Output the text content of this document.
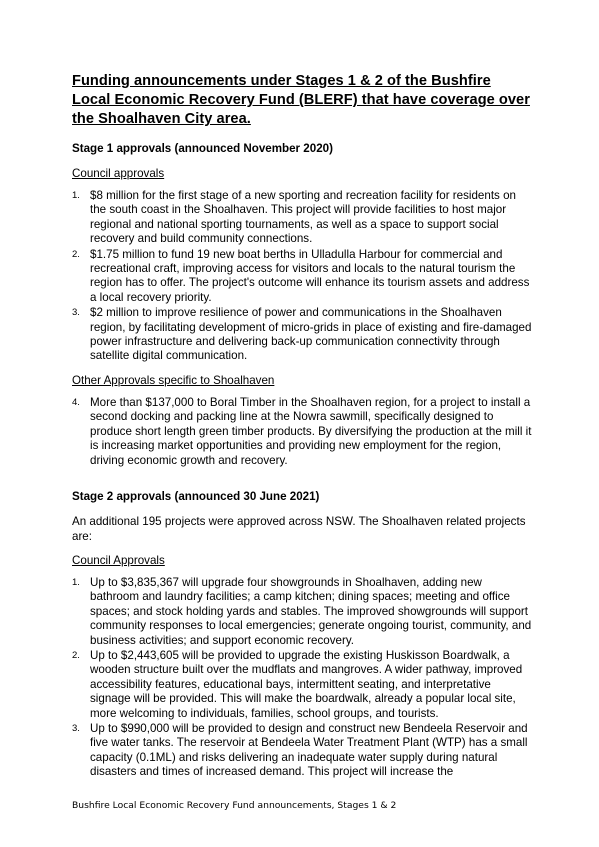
Funding announcements under Stages 1 & 2 of the Bushfire Local Economic Recovery Fund (BLERF) that have coverage over the Shoalhaven City area.
Stage 1 approvals (announced November 2020)
Council approvals
1. $8 million for the first stage of a new sporting and recreation facility for residents on the south coast in the Shoalhaven. This project will provide facilities to host major regional and national sporting tournaments, as well as a space to support social recovery and build community connections.
2. $1.75 million to fund 19 new boat berths in Ulladulla Harbour for commercial and recreational craft, improving access for visitors and locals to the natural tourism the region has to offer. The project's outcome will enhance its tourism assets and address a local recovery priority.
3. $2 million to improve resilience of power and communications in the Shoalhaven region, by facilitating development of micro-grids in place of existing and fire-damaged power infrastructure and delivering back-up communication connectivity through satellite digital communication.
Other Approvals specific to Shoalhaven
4. More than $137,000 to Boral Timber in the Shoalhaven region, for a project to install a second docking and packing line at the Nowra sawmill, specifically designed to produce short length green timber products. By diversifying the production at the mill it is increasing market opportunities and providing new employment for the region, driving economic growth and recovery.
Stage 2 approvals (announced 30 June 2021)

An additional 195 projects were approved across NSW. The Shoalhaven related projects are:

Council Approvals
1. Up to $3,835,367 will upgrade four showgrounds in Shoalhaven, adding new bathroom and laundry facilities; a camp kitchen; dining spaces; meeting and office spaces; and stock holding yards and stables. The improved showgrounds will support community responses to local emergencies; generate ongoing tourist, community, and business activities; and support economic recovery.
2. Up to $2,443,605 will be provided to upgrade the existing Huskisson Boardwalk, a wooden structure built over the mudflats and mangroves. A wider pathway, improved accessibility features, educational bays, intermittent seating, and interpretative signage will be provided. This will make the boardwalk, already a popular local site, more welcoming to individuals, families, school groups, and tourists.
3. Up to $990,000 will be provided to design and construct new Bendeela Reservoir and five water tanks. The reservoir at Bendeela Water Treatment Plant (WTP) has a small capacity (0.1ML) and risks delivering an inadequate water supply during natural disasters and times of increased demand. This project will increase the
Bushfire Local Economic Recovery Fund announcements, Stages 1 & 2
